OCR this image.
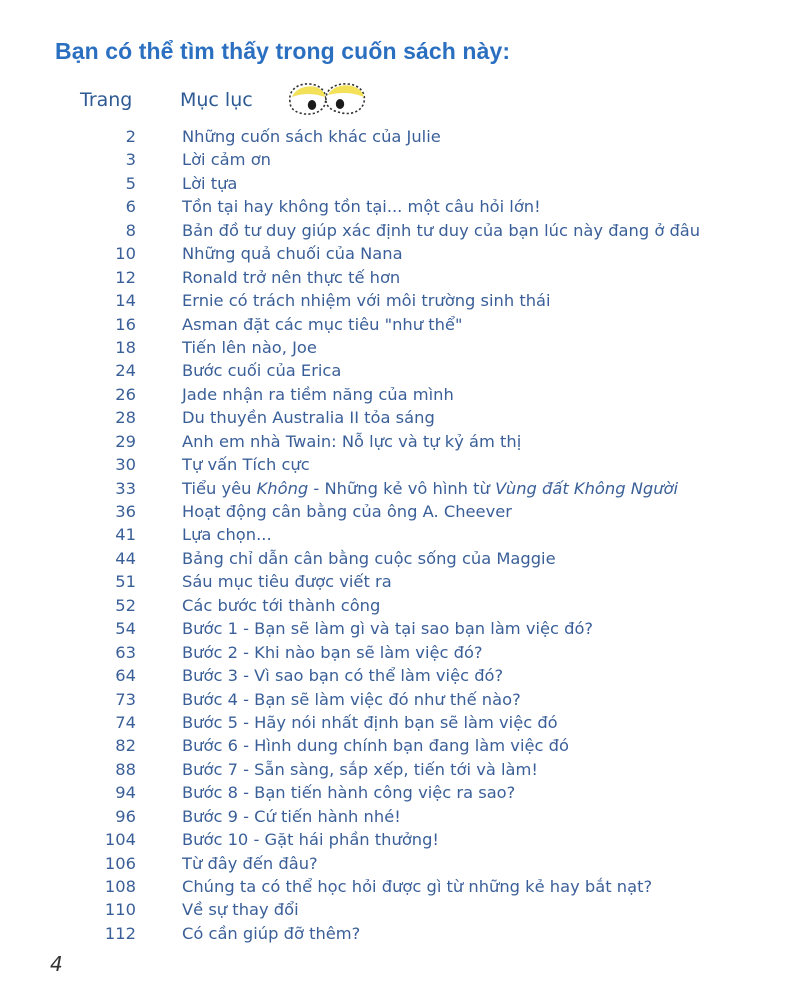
Bạn có thể tìm thấy trong cuốn sách này:
Trang	Mục lục
2	Những cuốn sách khác của Julie
3	Lời cảm ơn
5	Lời tựa
6	Tồn tại hay không tồn tại... một câu hỏi lớn!
8	Bản đồ tư duy giúp xác định tư duy của bạn lúc này đang ở đâu
10	Những quả chuối của Nana
12	Ronald trở nên thực tế hơn
14	Ernie có trách nhiệm với môi trường sinh thái
16	Asman đặt các mục tiêu "như thể"
18	Tiến lên nào, Joe
24	Bước cuối của Erica
26	Jade nhận ra tiềm năng của mình
28	Du thuyền Australia II tỏa sáng
29	Anh em nhà Twain: Nỗ lực và tự kỷ ám thị
30	Tự vấn Tích cực
33	Tiểu yêu Không - Những kẻ vô hình từ Vùng đất Không Người
36	Hoạt động cân bằng của ông A. Cheever
41	Lựa chọn...
44	Bảng chỉ dẫn cân bằng cuộc sống của Maggie
51	Sáu mục tiêu được viết ra
52	Các bước tới thành công
54	Bước 1 - Bạn sẽ làm gì và tại sao bạn làm việc đó?
63	Bước 2 - Khi nào bạn sẽ làm việc đó?
64	Bước 3 - Vì sao bạn có thể làm việc đó?
73	Bước 4 - Bạn sẽ làm việc đó như thế nào?
74	Bước 5 - Hãy nói nhất định bạn sẽ làm việc đó
82	Bước 6 - Hình dung chính bạn đang làm việc đó
88	Bước 7 - Sẵn sàng, sắp xếp, tiến tới và làm!
94	Bước 8 - Bạn tiến hành công việc ra sao?
96	Bước 9 - Cứ tiến hành nhé!
104	Bước 10 - Gặt hái phần thưởng!
106	Từ đây đến đâu?
108	Chúng ta có thể học hỏi được gì từ những kẻ hay bắt nạt?
110	Về sự thay đổi
112	Có cần giúp đỡ thêm?
4
